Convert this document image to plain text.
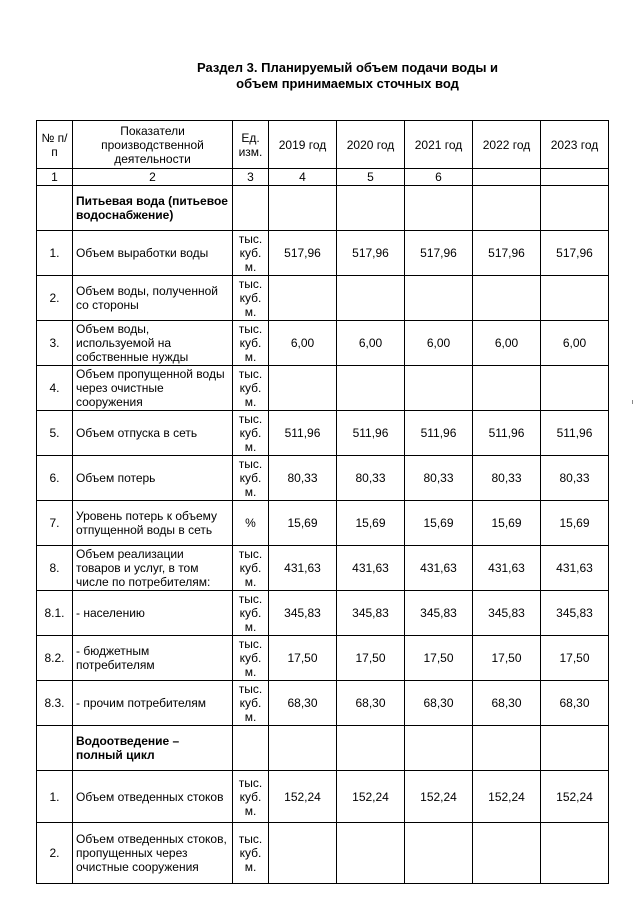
Раздел 3. Планируемый объем подачи воды и
объем принимаемых сточных вод
№ п/п	Показатели производственной деятельности	Ед. изм.	2019 год	2020 год	2021 год	2022 год	2023 год
1	2	3	4	5	6		
	Питьевая вода (питьевое водоснабжение)						
1.	Объем выработки воды	тыс. куб. м.	517,96	517,96	517,96	517,96	517,96
2.	Объем воды, полученной со стороны	тыс. куб. м.					
3.	Объем воды, используемой на собственные нужды	тыс. куб. м.	6,00	6,00	6,00	6,00	6,00
4.	Объем пропущенной воды через очистные сооружения	тыс. куб. м.					
5.	Объем отпуска в сеть	тыс. куб. м.	511,96	511,96	511,96	511,96	511,96
6.	Объем потерь	тыс. куб. м.	80,33	80,33	80,33	80,33	80,33
7.	Уровень потерь к объему отпущенной воды в сеть	%	15,69	15,69	15,69	15,69	15,69
8.	Объем реализации товаров и услуг, в том числе по потребителям:	тыс. куб. м.	431,63	431,63	431,63	431,63	431,63
8.1.	- населению	тыс. куб. м.	345,83	345,83	345,83	345,83	345,83
8.2.	- бюджетным потребителям	тыс. куб. м.	17,50	17,50	17,50	17,50	17,50
8.3.	- прочим потребителям	тыс. куб. м.	68,30	68,30	68,30	68,30	68,30
	Водоотведение – полный цикл						
1.	Объем отведенных стоков	тыс. куб. м.	152,24	152,24	152,24	152,24	152,24
2.	Объем отведенных стоков, пропущенных через очистные сооружения	тыс. куб. м.					
